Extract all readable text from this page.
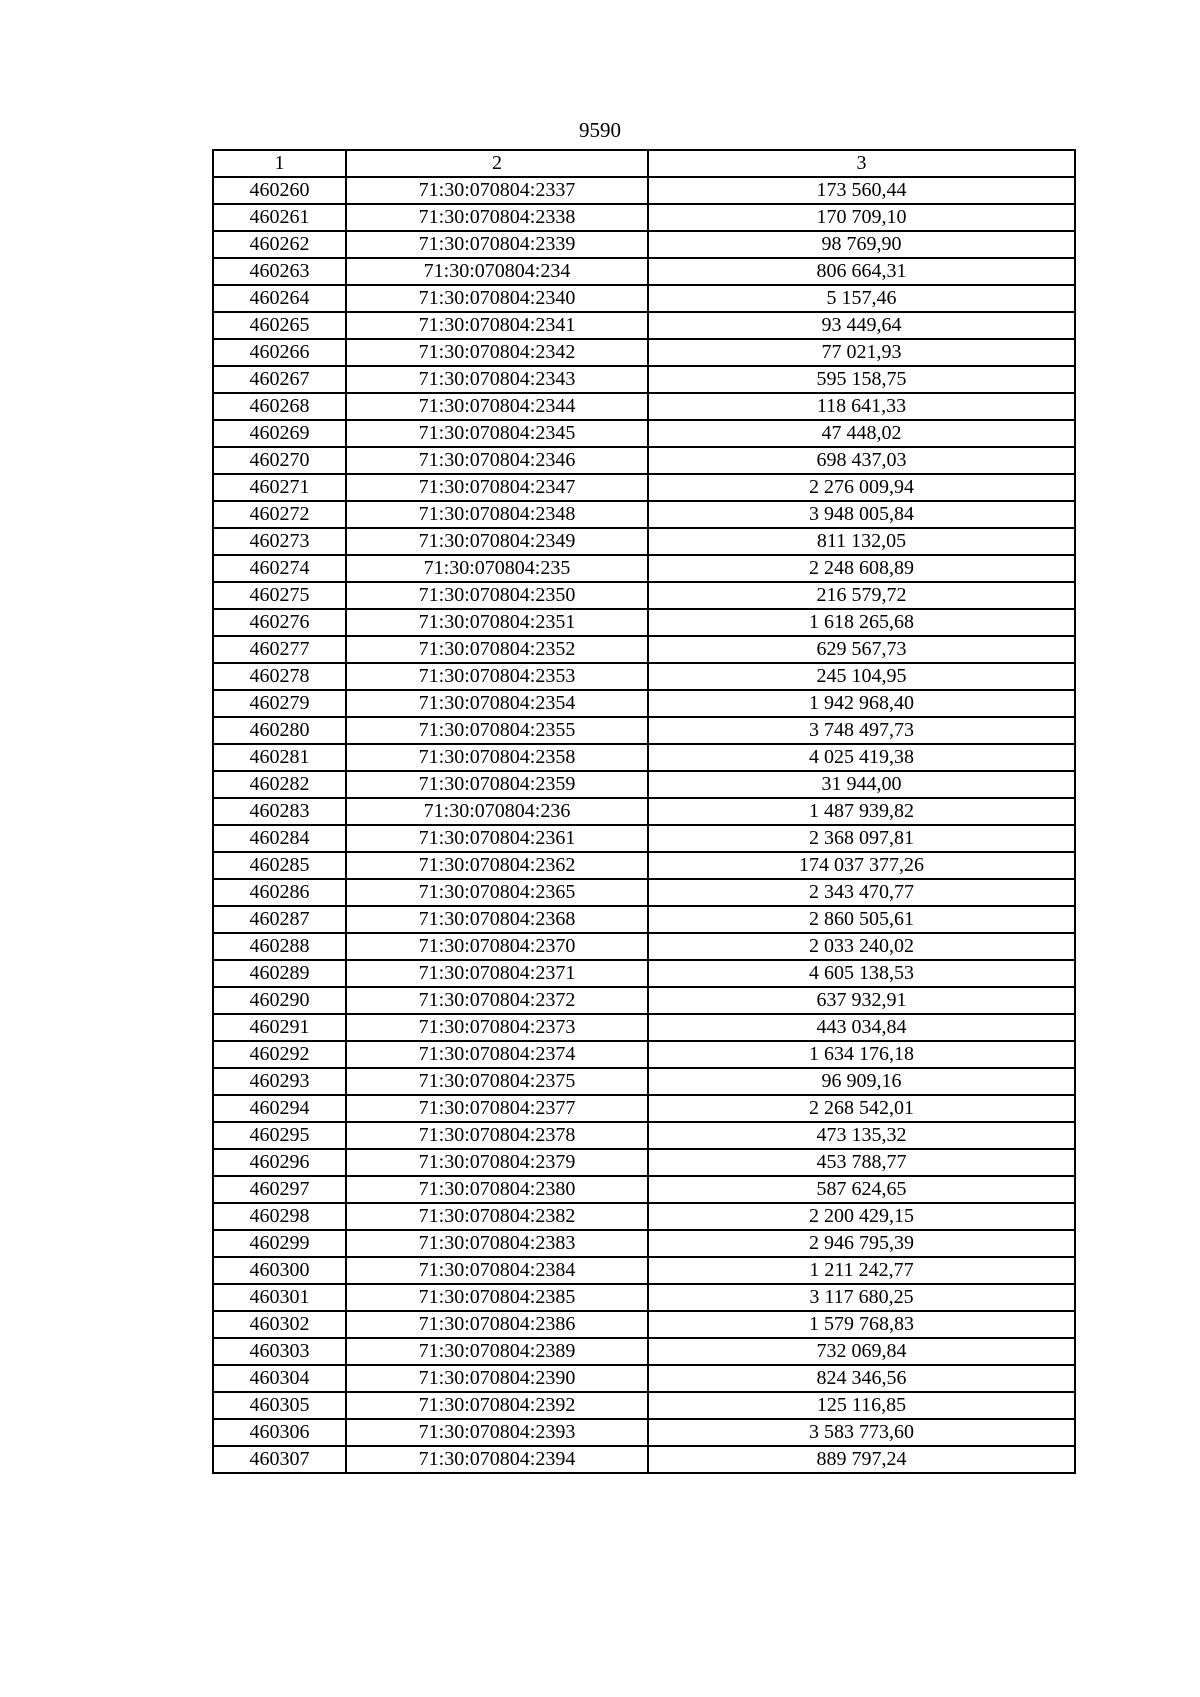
9590
1	2	3
460260	71:30:070804:2337	173 560,44
460261	71:30:070804:2338	170 709,10
460262	71:30:070804:2339	98 769,90
460263	71:30:070804:234	806 664,31
460264	71:30:070804:2340	5 157,46
460265	71:30:070804:2341	93 449,64
460266	71:30:070804:2342	77 021,93
460267	71:30:070804:2343	595 158,75
460268	71:30:070804:2344	118 641,33
460269	71:30:070804:2345	47 448,02
460270	71:30:070804:2346	698 437,03
460271	71:30:070804:2347	2 276 009,94
460272	71:30:070804:2348	3 948 005,84
460273	71:30:070804:2349	811 132,05
460274	71:30:070804:235	2 248 608,89
460275	71:30:070804:2350	216 579,72
460276	71:30:070804:2351	1 618 265,68
460277	71:30:070804:2352	629 567,73
460278	71:30:070804:2353	245 104,95
460279	71:30:070804:2354	1 942 968,40
460280	71:30:070804:2355	3 748 497,73
460281	71:30:070804:2358	4 025 419,38
460282	71:30:070804:2359	31 944,00
460283	71:30:070804:236	1 487 939,82
460284	71:30:070804:2361	2 368 097,81
460285	71:30:070804:2362	174 037 377,26
460286	71:30:070804:2365	2 343 470,77
460287	71:30:070804:2368	2 860 505,61
460288	71:30:070804:2370	2 033 240,02
460289	71:30:070804:2371	4 605 138,53
460290	71:30:070804:2372	637 932,91
460291	71:30:070804:2373	443 034,84
460292	71:30:070804:2374	1 634 176,18
460293	71:30:070804:2375	96 909,16
460294	71:30:070804:2377	2 268 542,01
460295	71:30:070804:2378	473 135,32
460296	71:30:070804:2379	453 788,77
460297	71:30:070804:2380	587 624,65
460298	71:30:070804:2382	2 200 429,15
460299	71:30:070804:2383	2 946 795,39
460300	71:30:070804:2384	1 211 242,77
460301	71:30:070804:2385	3 117 680,25
460302	71:30:070804:2386	1 579 768,83
460303	71:30:070804:2389	732 069,84
460304	71:30:070804:2390	824 346,56
460305	71:30:070804:2392	125 116,85
460306	71:30:070804:2393	3 583 773,60
460307	71:30:070804:2394	889 797,24
